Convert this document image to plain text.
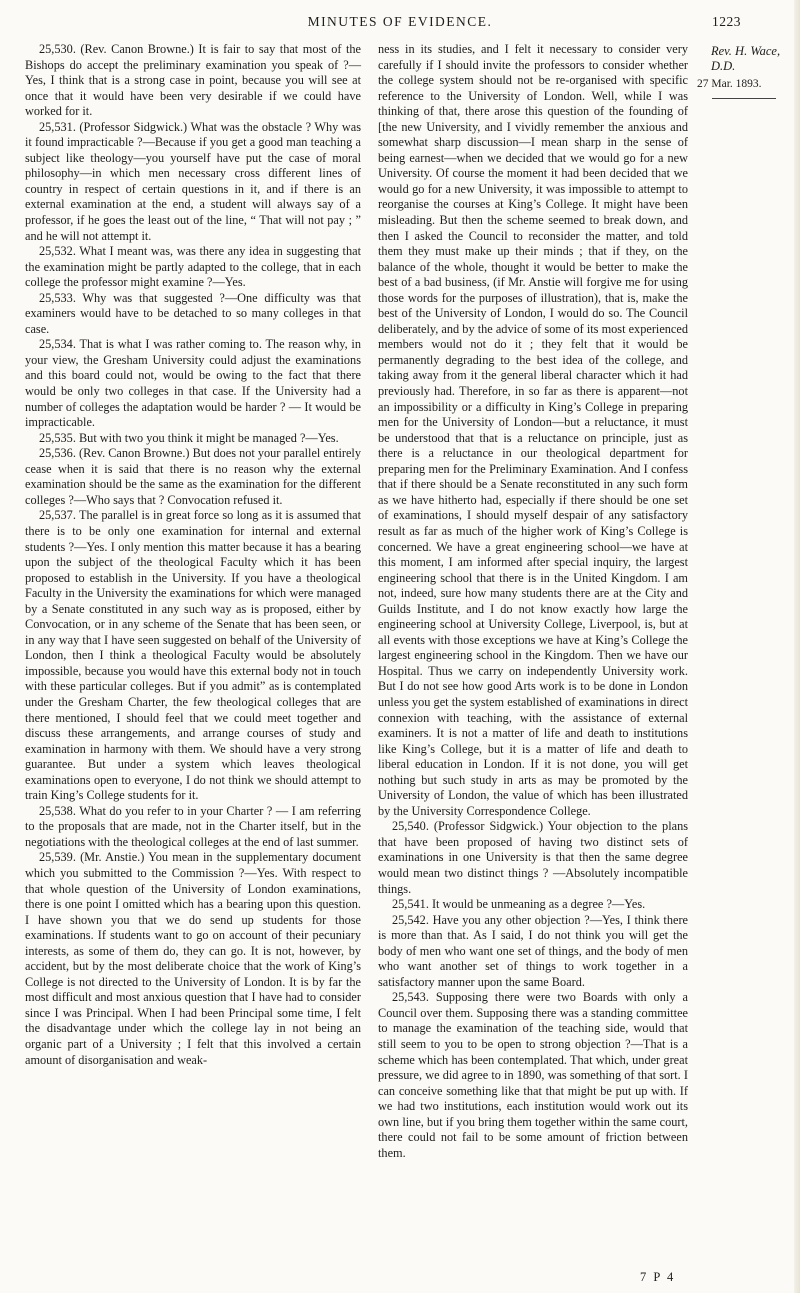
MINUTES OF EVIDENCE.	1223

25,530. (Rev. Canon Browne.) It is fair to say that most of the Bishops do accept the preliminary examination you speak of ?—Yes, I think that is a strong case in point, because you will see at once that it would have been very desirable if we could have worked for it.

25,531. (Professor Sidgwick.) What was the obstacle ? Why was it found impracticable ?—Because if you get a good man teaching a subject like theology—you yourself have put the case of moral philosophy—in which men necessary cross different lines of country in respect of certain questions in it, and if there is an external examination at the end, a student will always say of a professor, if he goes the least out of the line, “ That will not pay ; ” and he will not attempt it.

25,532. What I meant was, was there any idea in suggesting that the examination might be partly adapted to the college, that in each college the professor might examine ?—Yes.

25,533. Why was that suggested ?—One difficulty was that examiners would have to be detached to so many colleges in that case.

25,534. That is what I was rather coming to. The reason why, in your view, the Gresham University could adjust the examinations and this board could not, would be owing to the fact that there would be only two colleges in that case. If the University had a number of colleges the adaptation would be harder ? — It would be impracticable.

25,535. But with two you think it might be managed ?—Yes.

25,536. (Rev. Canon Browne.) But does not your parallel entirely cease when it is said that there is no reason why the external examination should be the same as the examination for the different colleges ?—Who says that ? Convocation refused it.

25,537. The parallel is in great force so long as it is assumed that there is to be only one examination for internal and external students ?—Yes. I only mention this matter because it has a bearing upon the subject of the theological Faculty which it has been proposed to establish in the University. If you have a theological Faculty in the University the examinations for which were managed by a Senate constituted in any such way as is proposed, either by Convocation, or in any scheme of the Senate that has been seen, or in any way that I have seen suggested on behalf of the University of London, then I think a theological Faculty would be absolutely impossible, because you would have this external body not in touch with these particular colleges. But if you admit” as is contemplated under the Gresham Charter, the few theological colleges that are there mentioned, I should feel that we could meet together and discuss these arrangements, and arrange courses of study and examination in harmony with them. We should have a very strong guarantee. But under a system which leaves theological examinations open to everyone, I do not think we should attempt to train King’s College students for it.

25,538. What do you refer to in your Charter ? — I am referring to the proposals that are made, not in the Charter itself, but in the negotiations with the theological colleges at the end of last summer.

25,539. (Mr. Anstie.) You mean in the supplementary document which you submitted to the Commission ?—Yes. With respect to that whole question of the University of London examinations, there is one point I omitted which has a bearing upon this question. I have shown you that we do send up students for those examinations. If students want to go on account of their pecuniary interests, as some of them do, they can go. It is not, however, by accident, but by the most deliberate choice that the work of King’s College is not directed to the University of London. It is by far the most difficult and most anxious question that I have had to consider since I was Principal. When I had been Principal some time, I felt the disadvantage under which the college lay in not being an organic part of a University ; I felt that this involved a certain amount of disorganisation and weak-

ness in its studies, and I felt it necessary to consider very carefully if I should invite the professors to consider whether the college system should not be re-organised with specific reference to the University of London. Well, while I was thinking of that, there arose this question of the founding of [the new University, and I vividly remember the anxious and somewhat sharp discussion—I mean sharp in the sense of being earnest—when we decided that we would go for a new University. Of course the moment it had been decided that we would go for a new University, it was impossible to attempt to reorganise the courses at King’s College. It might have been misleading. But then the scheme seemed to break down, and then I asked the Council to reconsider the matter, and told them they must make up their minds ; that if they, on the balance of the whole, thought it would be better to make the best of a bad business, (if Mr. Anstie will forgive me for using those words for the purposes of illustration), that is, make the best of the University of London, I would do so. The Council deliberately, and by the advice of some of its most experienced members would not do it ; they felt that it would be permanently degrading to the best idea of the college, and taking away from it the general liberal character which it had previously had. Therefore, in so far as there is apparent—not an impossibility or a difficulty in King’s College in preparing men for the University of London—but a reluctance, it must be understood that that is a reluctance on principle, just as there is a reluctance in our theological department for preparing men for the Preliminary Examination. And I confess that if there should be a Senate reconstituted in any such form as we have hitherto had, especially if there should be one set of examinations, I should myself despair of any satisfactory result as far as much of the higher work of King’s College is concerned. We have a great engineering school—we have at this moment, I am informed after special inquiry, the largest engineering school that there is in the United Kingdom. I am not, indeed, sure how many students there are at the City and Guilds Institute, and I do not know exactly how large the engineering school at University College, Liverpool, is, but at all events with those exceptions we have at King’s College the largest engineering school in the Kingdom. Then we have our Hospital. Thus we carry on independently University work. But I do not see how good Arts work is to be done in London unless you get the system established of examinations in direct connexion with teaching, with the assistance of external examiners. It is not a matter of life and death to institutions like King’s College, but it is a matter of life and death to liberal education in London. If it is not done, you will get nothing but such study in arts as may be promoted by the University of London, the value of which has been illustrated by the University Correspondence College.

25,540. (Professor Sidgwick.) Your objection to the plans that have been proposed of having two distinct sets of examinations in one University is that then the same degree would mean two distinct things ? —Absolutely incompatible things.

25,541. It would be unmeaning as a degree ?—Yes.

25,542. Have you any other objection ?—Yes, I think there is more than that. As I said, I do not think you will get the body of men who want one set of things, and the body of men who want another set of things to work together in a satisfactory manner upon the same Board.

25,543. Supposing there were two Boards with only a Council over them. Supposing there was a standing committee to manage the examination of the teaching side, would that still seem to you to be open to strong objection ?—That is a scheme which has been contemplated. That which, under great pressure, we did agree to in 1890, was something of that sort. I can conceive something like that that might be put up with. If we had two institutions, each institution would work out its own line, but if you bring them together within the same court, there could not fail to be some amount of friction between them.

Rev. H. Wace, D.D.
27 Mar. 1893.
7 P 4
